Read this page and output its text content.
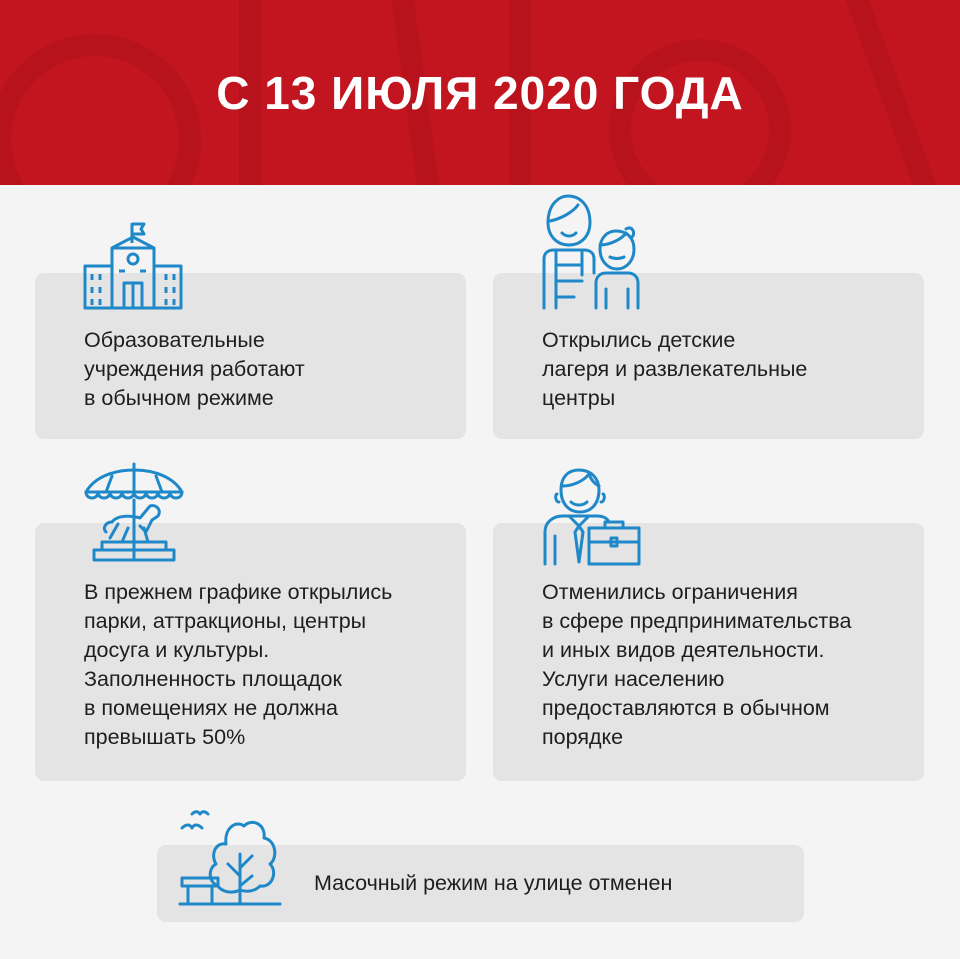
С 13 ИЮЛЯ 2020 ГОДА
Образовательные
учреждения работают
в обычном режиме
Открылись детские
лагеря и развлекательные
центры
В прежнем графике открылись
парки, аттракционы, центры
досуга и культуры.
Заполненность площадок
в помещениях не должна
превышать 50%
Отменились ограничения
в сфере предпринимательства
и иных видов деятельности.
Услуги населению
предоставляются в обычном
порядке
Масочный режим на улице отменен
